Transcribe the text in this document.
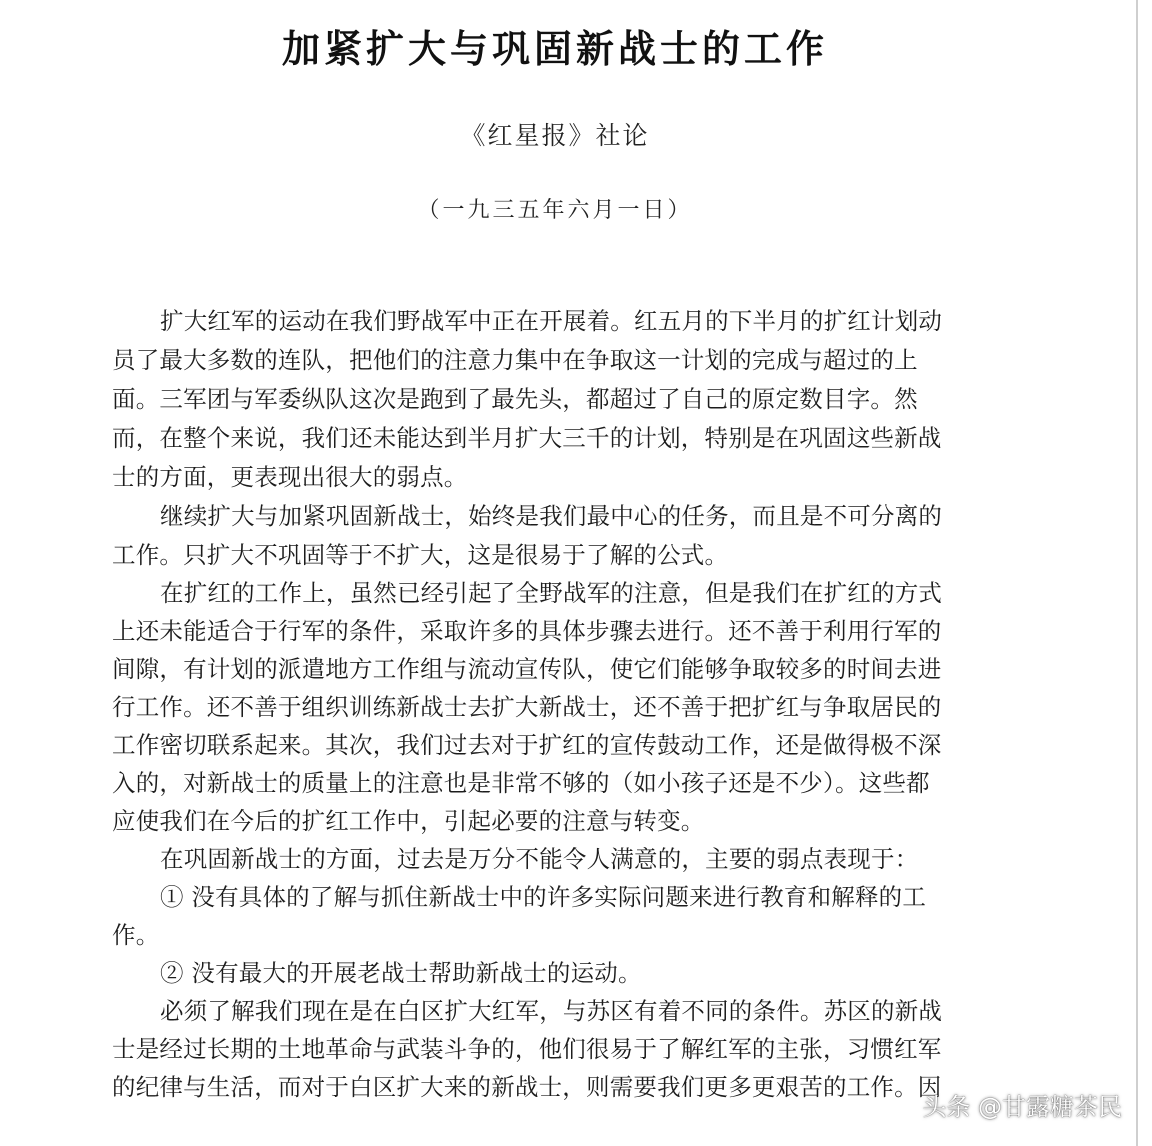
加紧扩大与巩固新战士的工作
《红星报》社论
（一九三五年六月一日）
扩大红军的运动在我们野战军中正在开展着。红五月的下半月的扩红计划动
员了最大多数的连队，把他们的注意力集中在争取这一计划的完成与超过的上
面。三军团与军委纵队这次是跑到了最先头，都超过了自己的原定数目字。然
而，在整个来说，我们还未能达到半月扩大三千的计划，特别是在巩固这些新战
士的方面，更表现出很大的弱点。
继续扩大与加紧巩固新战士，始终是我们最中心的任务，而且是不可分离的
工作。只扩大不巩固等于不扩大，这是很易于了解的公式。
在扩红的工作上，虽然已经引起了全野战军的注意，但是我们在扩红的方式
上还未能适合于行军的条件，采取许多的具体步骤去进行。还不善于利用行军的
间隙，有计划的派遣地方工作组与流动宣传队，使它们能够争取较多的时间去进
行工作。还不善于组织训练新战士去扩大新战士，还不善于把扩红与争取居民的
工作密切联系起来。其次，我们过去对于扩红的宣传鼓动工作，还是做得极不深
入的，对新战士的质量上的注意也是非常不够的（如小孩子还是不少）。这些都
应使我们在今后的扩红工作中，引起必要的注意与转变。
在巩固新战士的方面，过去是万分不能令人满意的，主要的弱点表现于：
① 没有具体的了解与抓住新战士中的许多实际问题来进行教育和解释的工
作。
② 没有最大的开展老战士帮助新战士的运动。
必须了解我们现在是在白区扩大红军，与苏区有着不同的条件。苏区的新战
士是经过长期的土地革命与武装斗争的，他们很易于了解红军的主张，习惯红军
的纪律与生活，而对于白区扩大来的新战士，则需要我们更多更艰苦的工作。因
头条 @甘露糖茶民
